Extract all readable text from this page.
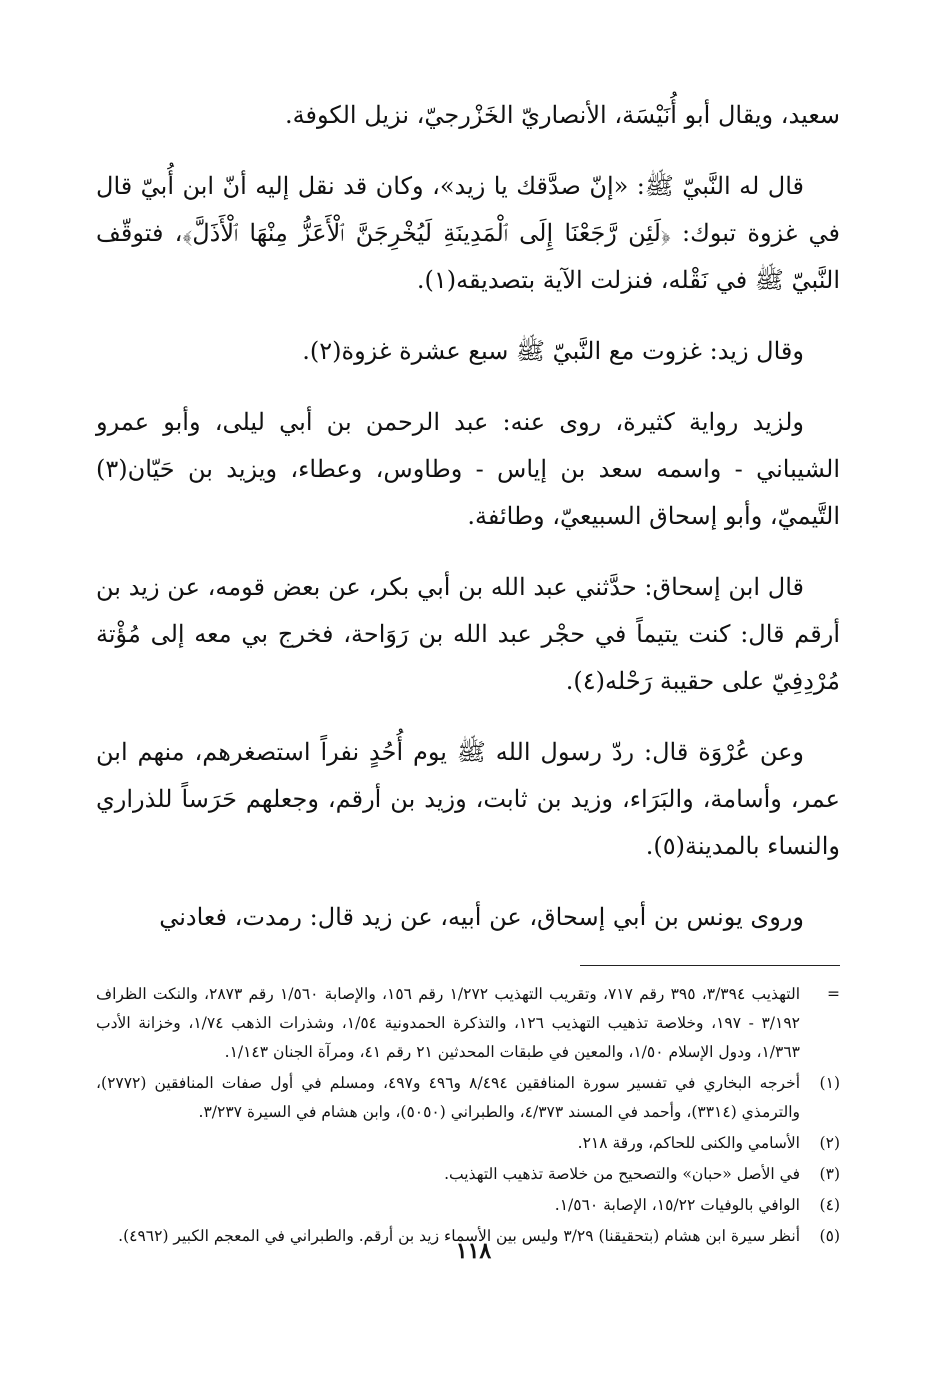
سعيد، ويقال أبو أُنَيْسَة، الأنصاريّ الخَزْرجيّ، نزيل الكوفة.

قال له النَّبيّ ﷺ: «إنّ صدَّقك يا زيد»، وكان قد نقل إليه أنّ ابن أُبيّ قال في غزوة تبوك: ﴿لَئِن رَّجَعْنَا إِلَى ٱلْمَدِينَةِ لَيُخْرِجَنَّ ٱلْأَعَزُّ مِنْهَا ٱلْأَذَلَّ﴾، فتوقّف النَّبيّ ﷺ في نَقْله، فنزلت الآية بتصديقه(١).

وقال زيد: غزوت مع النَّبيّ ﷺ سبع عشرة غزوة(٢).

ولزيد رواية كثيرة، روى عنه: عبد الرحمن بن أبي ليلى، وأبو عمرو الشيباني - واسمه سعد بن إياس - وطاوس، وعطاء، ويزيد بن حَيّان(٣) التَّيميّ، وأبو إسحاق السبيعيّ، وطائفة.

قال ابن إسحاق: حدَّثني عبد الله بن أبي بكر، عن بعض قومه، عن زيد بن أرقم قال: كنت يتيماً في حجْر عبد الله بن رَوَاحة، فخرج بي معه إلى مُؤْتة مُرْدِفِيّ على حقيبة رَحْله(٤).

وعن عُرْوَة قال: ردّ رسول الله ﷺ يوم أُحُدٍ نفراً استصغرهم، منهم ابن عمر، وأسامة، والبَرَاء، وزيد بن ثابت، وزيد بن أرقم، وجعلهم حَرَساً للذراري والنساء بالمدينة(٥).

وروى يونس بن أبي إسحاق، عن أبيه، عن زيد قال: رمدت، فعادني

=
التهذيب ٣/٣٩٤، ٣٩٥ رقم ٧١٧، وتقريب التهذيب ١/٢٧٢ رقم ١٥٦، والإصابة ١/٥٦٠ رقم ٢٨٧٣، والنكت الظراف ٣/١٩٢ - ١٩٧، وخلاصة تذهيب التهذيب ١٢٦، والتذكرة الحمدونية ١/٥٤، وشذرات الذهب ١/٧٤، وخزانة الأدب ١/٣٦٣، ودول الإسلام ١/٥٠، والمعين في طبقات المحدثين ٢١ رقم ٤١، ومرآة الجنان ١/١٤٣.
(١)
أخرجه البخاري في تفسير سورة المنافقين ٨/٤٩٤ و٤٩٦ و٤٩٧، ومسلم في أول صفات المنافقين (٢٧٧٢)، والترمذي (٣٣١٤)، وأحمد في المسند ٤/٣٧٣، والطبراني (٥٠٥٠)، وابن هشام في السيرة ٣/٢٣٧.
(٢)
الأسامي والكنى للحاكم، ورقة ٢١٨.
(٣)
في الأصل «حبان» والتصحيح من خلاصة تذهيب التهذيب.
(٤)
الوافي بالوفيات ١٥/٢٢، الإصابة ١/٥٦٠.
(٥)
أنظر سيرة ابن هشام (بتحقيقنا) ٣/٢٩ وليس بين الأسماء زيد بن أرقم. والطبراني في المعجم الكبير (٤٩٦٢).
١١٨
